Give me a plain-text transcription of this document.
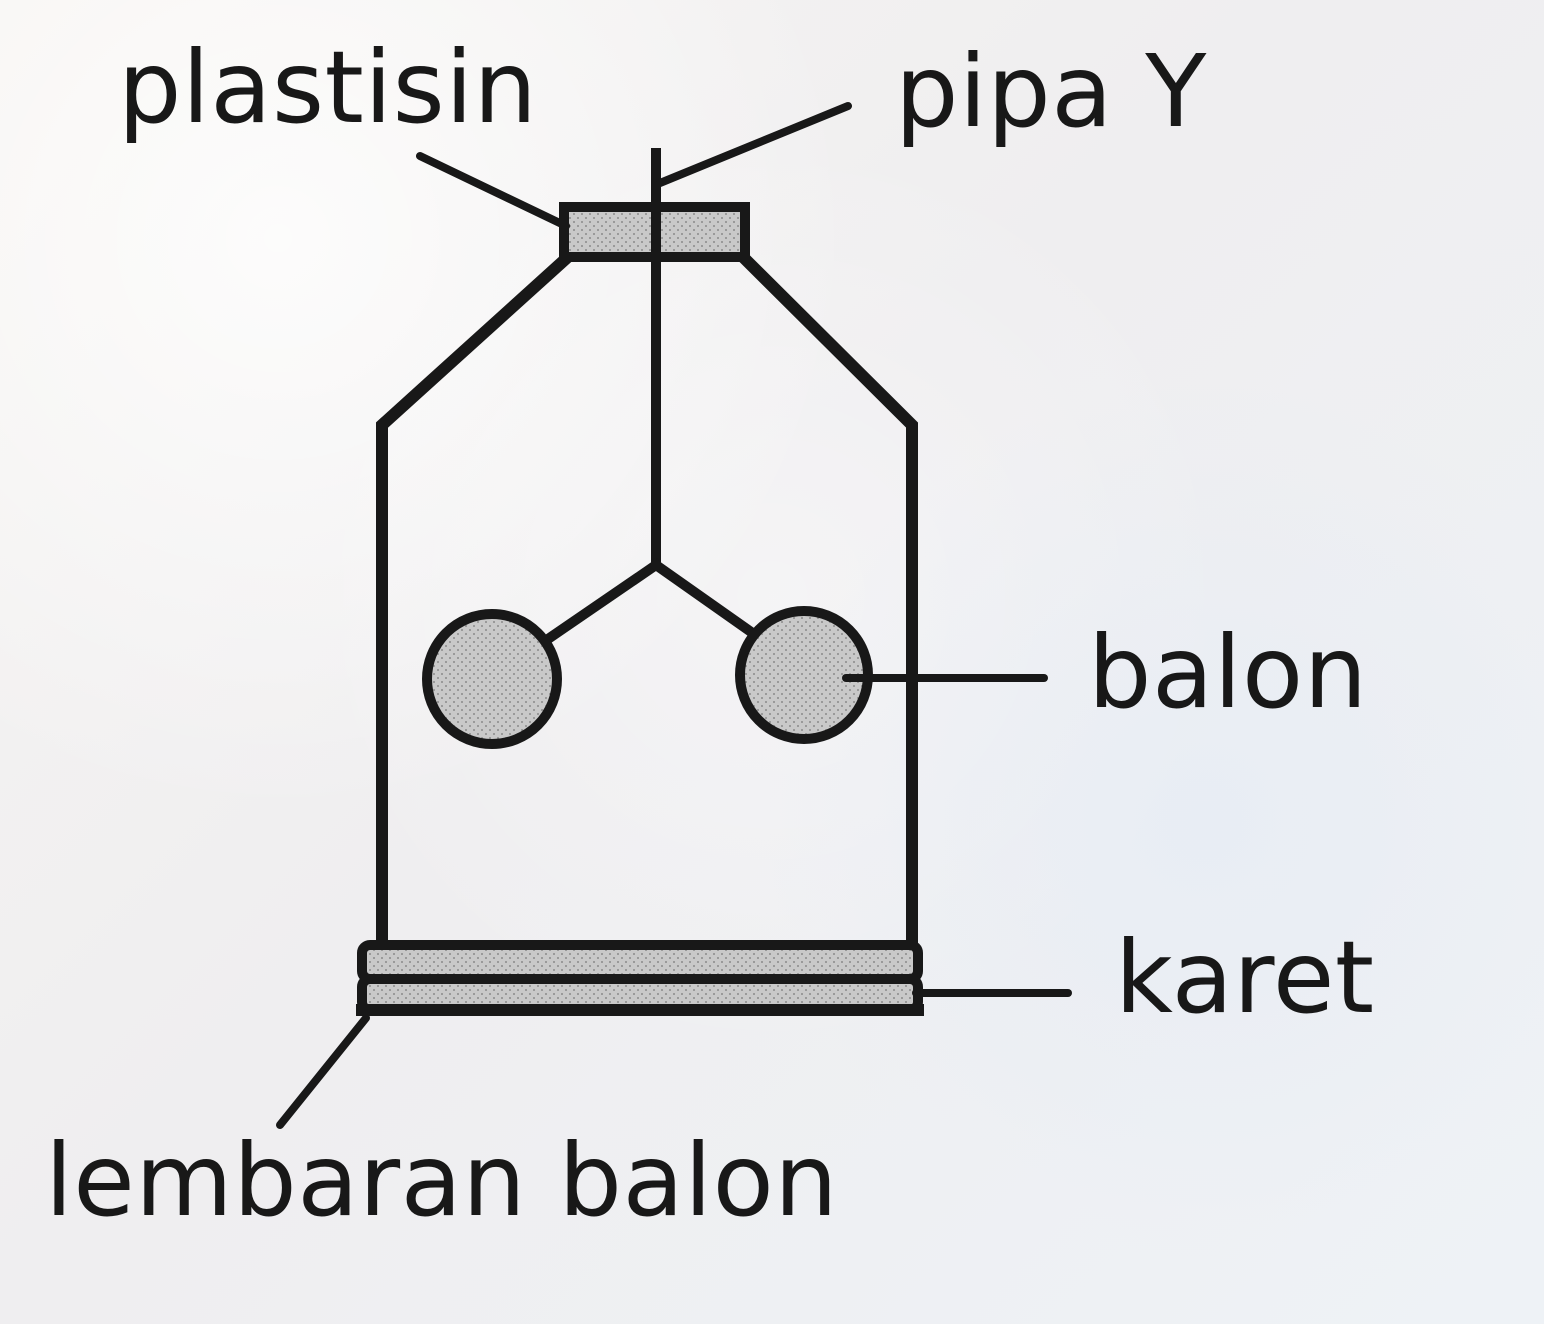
plastisin	pipa Y
balon
karet
lembaran balon
